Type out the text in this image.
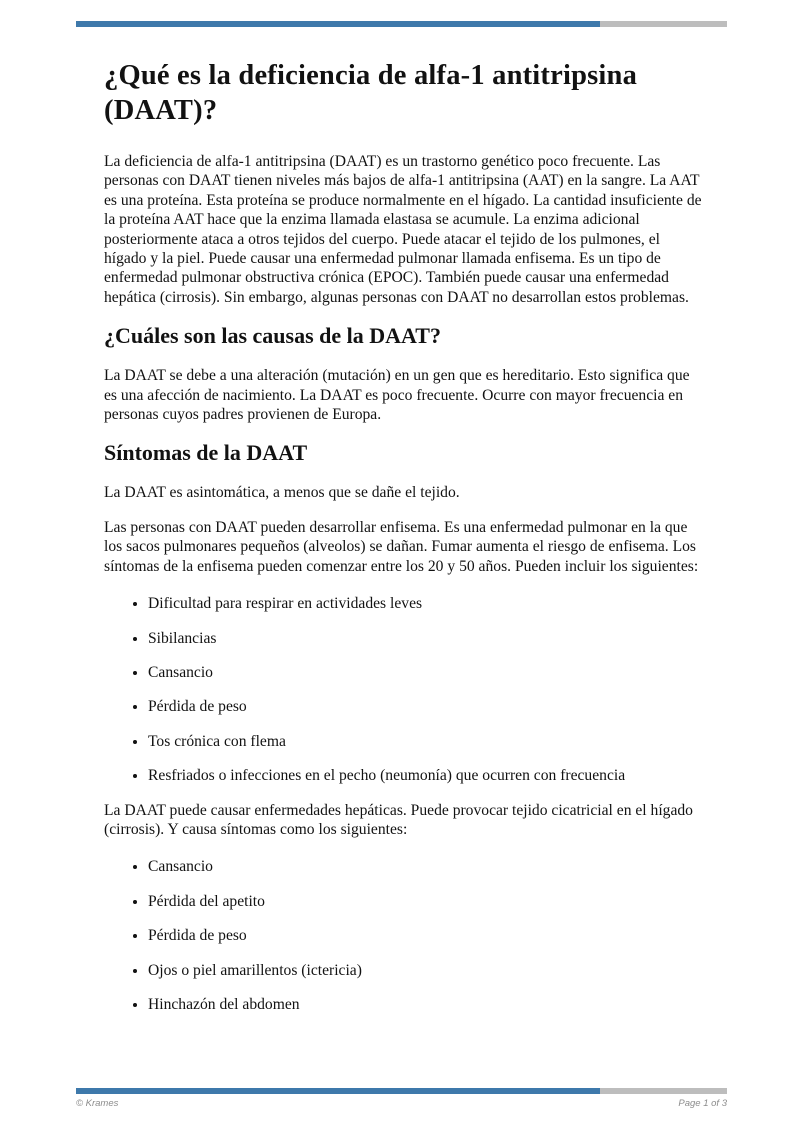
¿Qué es la deficiencia de alfa-1 antitripsina (DAAT)?

La deficiencia de alfa-1 antitripsina (DAAT) es un trastorno genético poco frecuente. Las personas con DAAT tienen niveles más bajos de alfa-1 antitripsina (AAT) en la sangre. La AAT es una proteína. Esta proteína se produce normalmente en el hígado. La cantidad insuficiente de la proteína AAT hace que la enzima llamada elastasa se acumule. La enzima adicional posteriormente ataca a otros tejidos del cuerpo. Puede atacar el tejido de los pulmones, el hígado y la piel. Puede causar una enfermedad pulmonar llamada enfisema. Es un tipo de enfermedad pulmonar obstructiva crónica (EPOC). También puede causar una enfermedad hepática (cirrosis). Sin embargo, algunas personas con DAAT no desarrollan estos problemas.

¿Cuáles son las causas de la DAAT?

La DAAT se debe a una alteración (mutación) en un gen que es hereditario. Esto significa que es una afección de nacimiento. La DAAT es poco frecuente. Ocurre con mayor frecuencia en personas cuyos padres provienen de Europa.

Síntomas de la DAAT

La DAAT es asintomática, a menos que se dañe el tejido.

Las personas con DAAT pueden desarrollar enfisema. Es una enfermedad pulmonar en la que los sacos pulmonares pequeños (alveolos) se dañan. Fumar aumenta el riesgo de enfisema. Los síntomas de la enfisema pueden comenzar entre los 20 y 50 años. Pueden incluir los siguientes:

• Dificultad para respirar en actividades leves
• Sibilancias
• Cansancio
• Pérdida de peso
• Tos crónica con flema
• Resfriados o infecciones en el pecho (neumonía) que ocurren con frecuencia

La DAAT puede causar enfermedades hepáticas. Puede provocar tejido cicatricial en el hígado (cirrosis). Y causa síntomas como los siguientes:

• Cansancio
• Pérdida del apetito
• Pérdida de peso
• Ojos o piel amarillentos (ictericia)
• Hinchazón del abdomen
© Krames	Page 1 of 3
